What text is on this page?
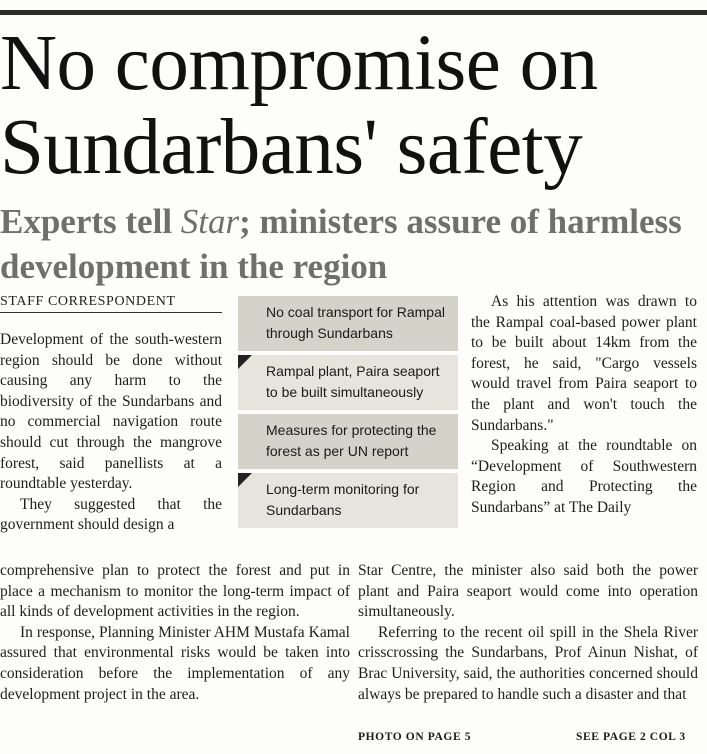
No compromise on
Sundarbans' safety
Experts tell Star; ministers assure of harmless development in the region
STAFF CORRESPONDENT

Development of the south-western region should be done without causing any harm to the biodiversity of the Sundarbans and no commercial navigation route should cut through the mangrove forest, said panellists at a roundtable yesterday.

They suggested that the government should design a

No coal transport for Rampal through Sundarbans
Rampal plant, Paira seaport to be built simultaneously
Measures for protecting the forest as per UN report
Long-term monitoring for Sundarbans

As his attention was drawn to the Rampal coal-based power plant to be built about 14km from the forest, he said, "Cargo vessels would travel from Paira seaport to the plant and won't touch the Sundarbans."

Speaking at the roundtable on “Development of Southwestern Region and Protecting the Sundarbans” at The Daily

comprehensive plan to protect the forest and put in place a mechanism to monitor the long-term impact of all kinds of development activities in the region.

In response, Planning Minister AHM Mustafa Kamal assured that environmental risks would be taken into consideration before the implementation of any development project in the area.

Star Centre, the minister also said both the power plant and Paira seaport would come into operation simultaneously.

Referring to the recent oil spill in the Shela River crisscrossing the Sundarbans, Prof Ainun Nishat, of Brac University, said, the authorities concerned should always be prepared to handle such a disaster and that

PHOTO ON PAGE 5	SEE PAGE 2 COL 3
